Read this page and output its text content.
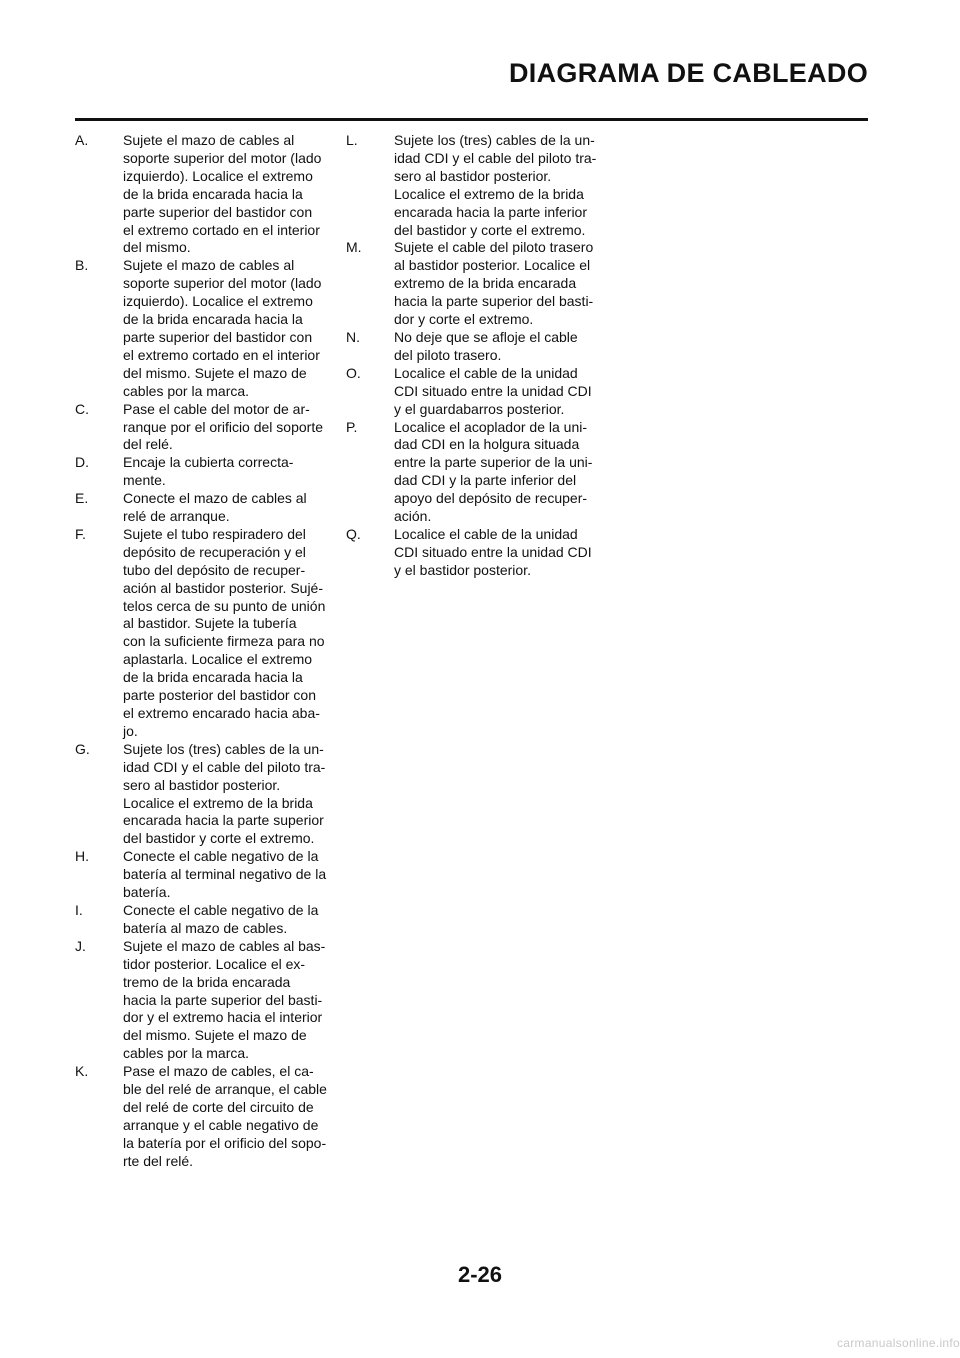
DIAGRAMA DE CABLEADO
A.	Sujete el mazo de cables al
soporte superior del motor (lado
izquierdo). Localice el extremo
de la brida encarada hacia la
parte superior del bastidor con
el extremo cortado en el interior
del mismo.
B.	Sujete el mazo de cables al
soporte superior del motor (lado
izquierdo). Localice el extremo
de la brida encarada hacia la
parte superior del bastidor con
el extremo cortado en el interior
del mismo. Sujete el mazo de
cables por la marca.
C.	Pase el cable del motor de ar-
ranque por el orificio del soporte
del relé.
D.	Encaje la cubierta correcta-
mente.
E.	Conecte el mazo de cables al
relé de arranque.
F.	Sujete el tubo respiradero del
depósito de recuperación y el
tubo del depósito de recuper-
ación al bastidor posterior. Sujé-
telos cerca de su punto de unión
al bastidor. Sujete la tubería
con la suficiente firmeza para no
aplastarla. Localice el extremo
de la brida encarada hacia la
parte posterior del bastidor con
el extremo encarado hacia aba-
jo.
G.	Sujete los (tres) cables de la un-
idad CDI y el cable del piloto tra-
sero al bastidor posterior.
Localice el extremo de la brida
encarada hacia la parte superior
del bastidor y corte el extremo.
H.	Conecte el cable negativo de la
batería al terminal negativo de la
batería.
I.	Conecte el cable negativo de la
batería al mazo de cables.
J.	Sujete el mazo de cables al bas-
tidor posterior. Localice el ex-
tremo de la brida encarada
hacia la parte superior del basti-
dor y el extremo hacia el interior
del mismo. Sujete el mazo de
cables por la marca.
K.	Pase el mazo de cables, el ca-
ble del relé de arranque, el cable
del relé de corte del circuito de
arranque y el cable negativo de
la batería por el orificio del sopo-
rte del relé.
L.	Sujete los (tres) cables de la un-
idad CDI y el cable del piloto tra-
sero al bastidor posterior.
Localice el extremo de la brida
encarada hacia la parte inferior
del bastidor y corte el extremo.
M.	Sujete el cable del piloto trasero
al bastidor posterior. Localice el
extremo de la brida encarada
hacia la parte superior del basti-
dor y corte el extremo.
N.	No deje que se afloje el cable
del piloto trasero.
O.	Localice el cable de la unidad
CDI situado entre la unidad CDI
y el guardabarros posterior.
P.	Localice el acoplador de la uni-
dad CDI en la holgura situada
entre la parte superior de la uni-
dad CDI y la parte inferior del
apoyo del depósito de recuper-
ación.
Q.	Localice el cable de la unidad
CDI situado entre la unidad CDI
y el bastidor posterior.

2-26

carmanualsonline.info
